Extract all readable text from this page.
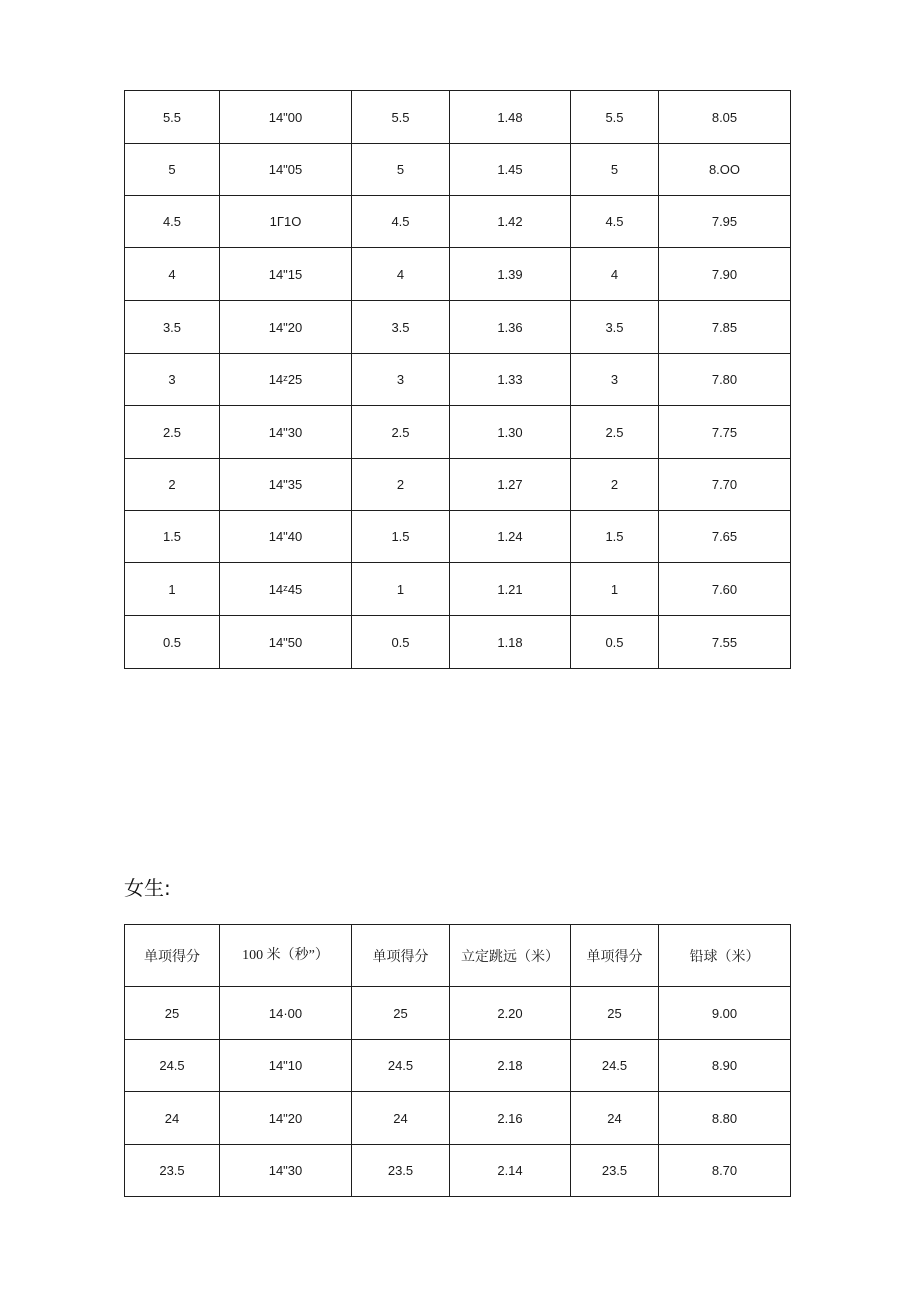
5.5	14"00	5.5	1.48	5.5	8.05
5	14"05	5	1.45	5	8.OO
4.5	1Γ1O	4.5	1.42	4.5	7.95
4	14"15	4	1.39	4	7.90
3.5	14"20	3.5	1.36	3.5	7.85
3	14ᶻ25	3	1.33	3	7.80
2.5	14"30	2.5	1.30	2.5	7.75
2	14"35	2	1.27	2	7.70
1.5	14"40	1.5	1.24	1.5	7.65
1	14ᶻ45	1	1.21	1	7.60
0.5	14"50	0.5	1.18	0.5	7.55
女生:
单项得分	100 米（秒”）	单项得分	立定跳远（米）	单项得分	铅球（米）
25	14·00	25	2.20	25	9.00
24.5	14"10	24.5	2.18	24.5	8.90
24	14"20	24	2.16	24	8.80
23.5	14"30	23.5	2.14	23.5	8.70
